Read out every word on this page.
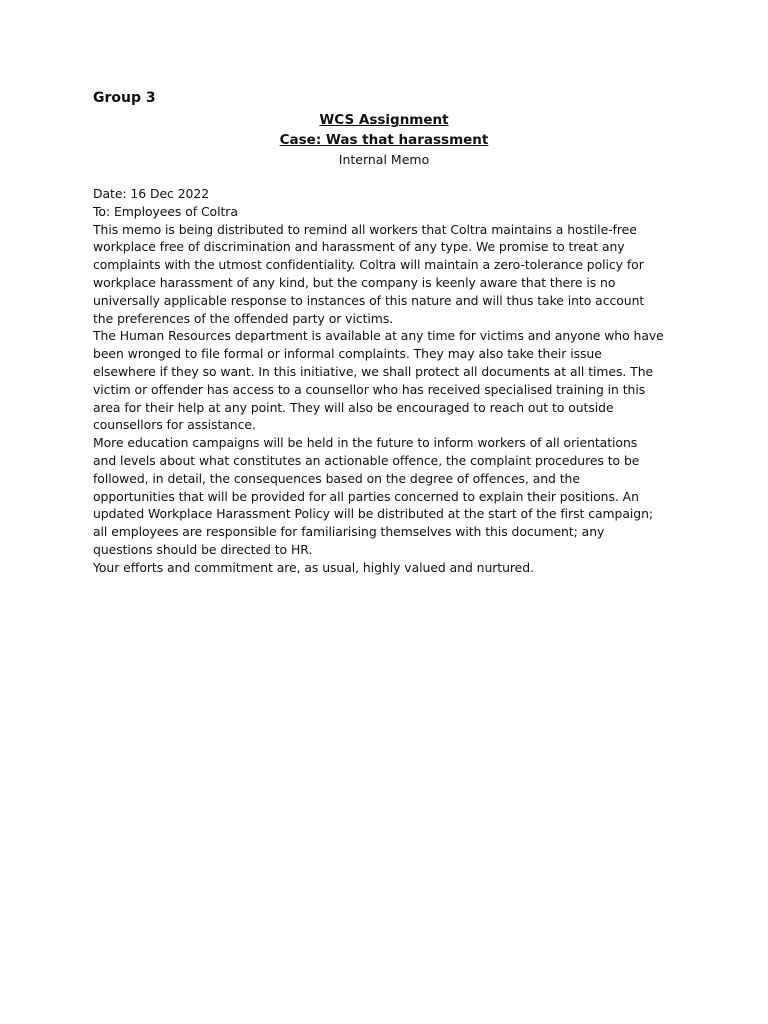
Group 3
WCS Assignment
Case: Was that harassment
Internal Memo
Date: 16 Dec 2022
To: Employees of Coltra
This memo is being distributed to remind all workers that Coltra maintains a hostile-free
workplace free of discrimination and harassment of any type. We promise to treat any
complaints with the utmost confidentiality. Coltra will maintain a zero-tolerance policy for
workplace harassment of any kind, but the company is keenly aware that there is no
universally applicable response to instances of this nature and will thus take into account
the preferences of the offended party or victims.
The Human Resources department is available at any time for victims and anyone who have
been wronged to file formal or informal complaints. They may also take their issue
elsewhere if they so want. In this initiative, we shall protect all documents at all times. The
victim or offender has access to a counsellor who has received specialised training in this
area for their help at any point. They will also be encouraged to reach out to outside
counsellors for assistance.
More education campaigns will be held in the future to inform workers of all orientations
and levels about what constitutes an actionable offence, the complaint procedures to be
followed, in detail, the consequences based on the degree of offences, and the
opportunities that will be provided for all parties concerned to explain their positions. An
updated Workplace Harassment Policy will be distributed at the start of the first campaign;
all employees are responsible for familiarising themselves with this document; any
questions should be directed to HR.
Your efforts and commitment are, as usual, highly valued and nurtured.
